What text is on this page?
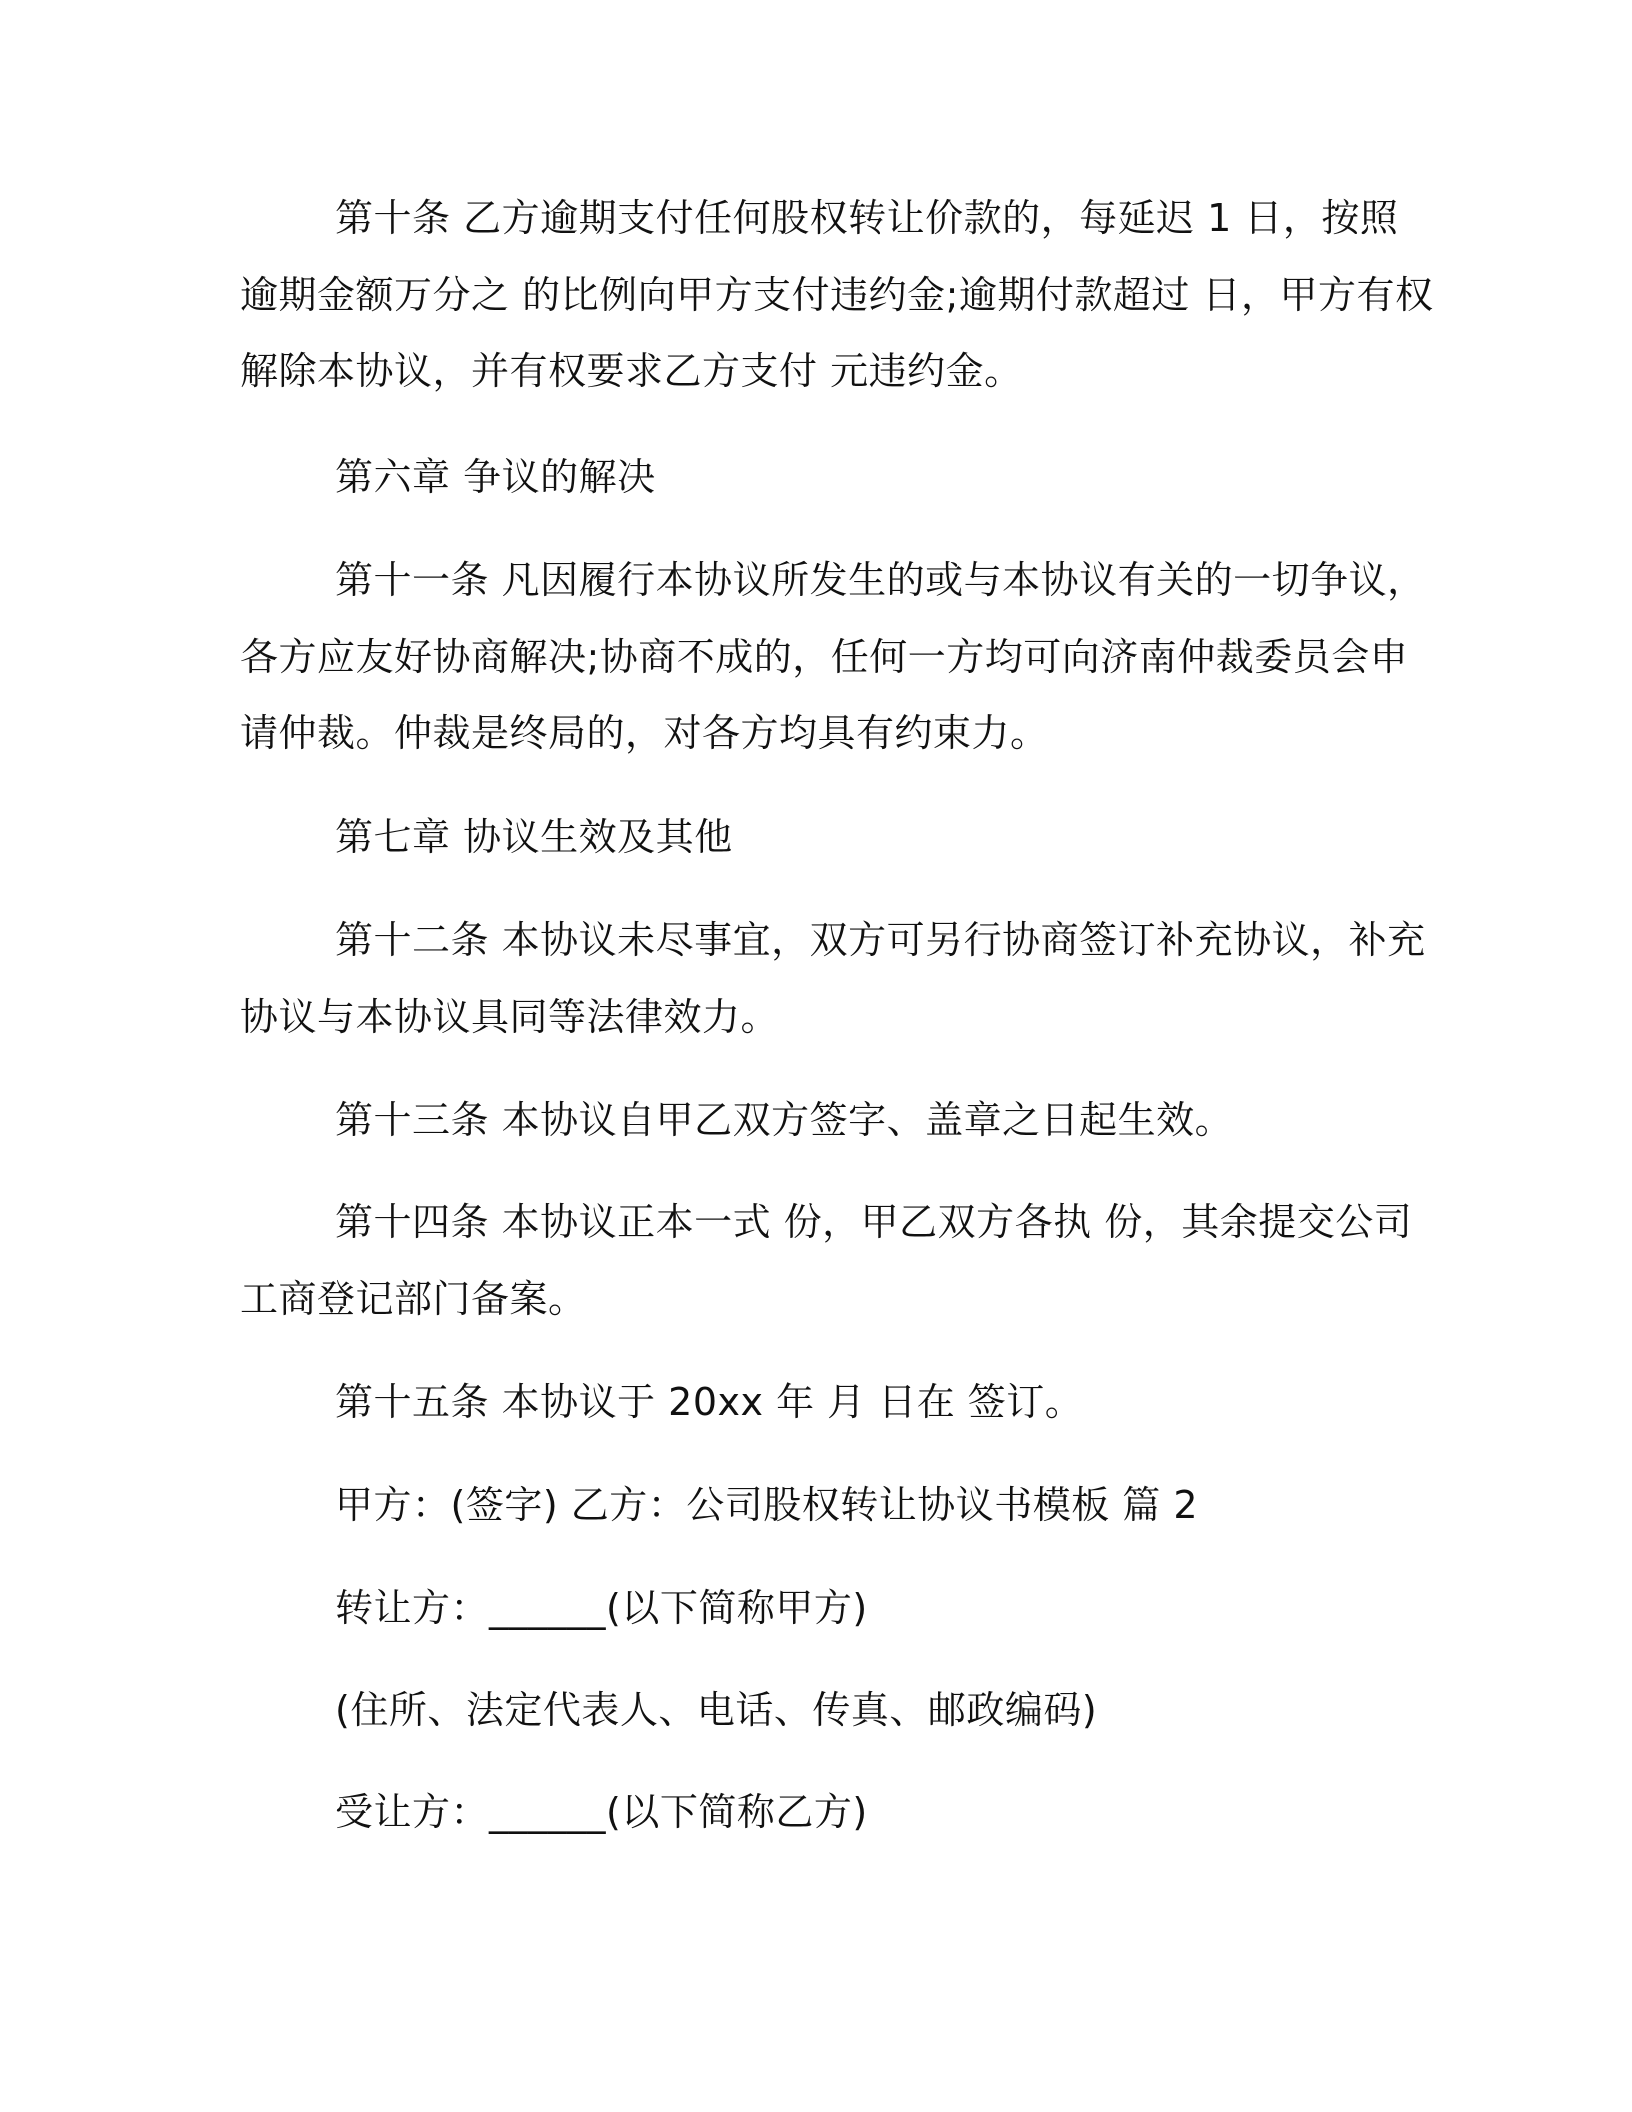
第十条 乙方逾期支付任何股权转让价款的，每延迟 1 日，按照
逾期金额万分之 的比例向甲方支付违约金;逾期付款超过 日，甲方有权
解除本协议，并有权要求乙方支付 元违约金。
第六章 争议的解决
第十一条 凡因履行本协议所发生的或与本协议有关的一切争议，
各方应友好协商解决;协商不成的，任何一方均可向济南仲裁委员会申
请仲裁。仲裁是终局的，对各方均具有约束力。
第七章 协议生效及其他
第十二条 本协议未尽事宜，双方可另行协商签订补充协议，补充
协议与本协议具同等法律效力。
第十三条 本协议自甲乙双方签字、盖章之日起生效。
第十四条 本协议正本一式 份，甲乙双方各执 份，其余提交公司
工商登记部门备案。
第十五条 本协议于 20xx 年 月 日在 签订。
甲方：(签字) 乙方：公司股权转让协议书模板 篇 2
转让方：______(以下简称甲方)
(住所、法定代表人、电话、传真、邮政编码)
受让方：______(以下简称乙方)
